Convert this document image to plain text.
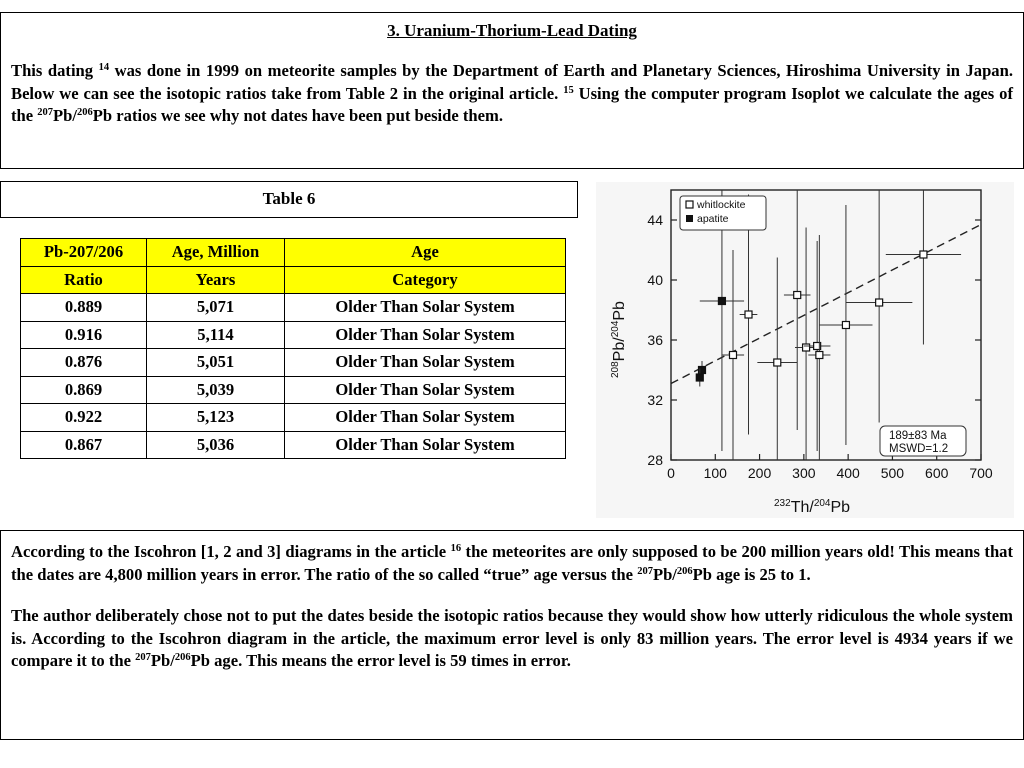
3. Uranium-Thorium-Lead Dating

This dating $^{14}$ was done in 1999 on meteorite samples by the Department of Earth and Planetary Sciences, Hiroshima University in Japan. Below we can see the isotopic ratios take from Table 2 in the original article. $^{15}$ Using the computer program Isoplot we calculate the ages of the $^{207}$Pb/$^{206}$Pb ratios we see why not dates have been put beside them.

Table 6
Pb-207/206	Age, Million	Age
Ratio	Years	Category
0.889	5,071	Older Than Solar System
0.916	5,114	Older Than Solar System
0.876	5,051	Older Than Solar System
0.869	5,039	Older Than Solar System
0.922	5,123	Older Than Solar System
0.867	5,036	Older Than Solar System
28
32
36
40
44
0 100 200 300 400 500 600 700
whitlockite
apatite
189±83 Ma
MSWD=1.2
$^{232}$Th/$^{204}$Pb
$^{208}$Pb/$^{204}$Pb

According to the Iscohron [1, 2 and 3] diagrams in the article $^{16}$ the meteorites are only supposed to be 200 million years old! This means that the dates are 4,800 million years in error. The ratio of the so called “true” age versus the $^{207}$Pb/$^{206}$Pb age is 25 to 1.

The author deliberately chose not to put the dates beside the isotopic ratios because they would show how utterly ridiculous the whole system is. According to the Iscohron diagram in the article, the maximum error level is only 83 million years. The error level is 4934 years if we compare it to the $^{207}$Pb/$^{206}$Pb age. This means the error level is 59 times in error.
